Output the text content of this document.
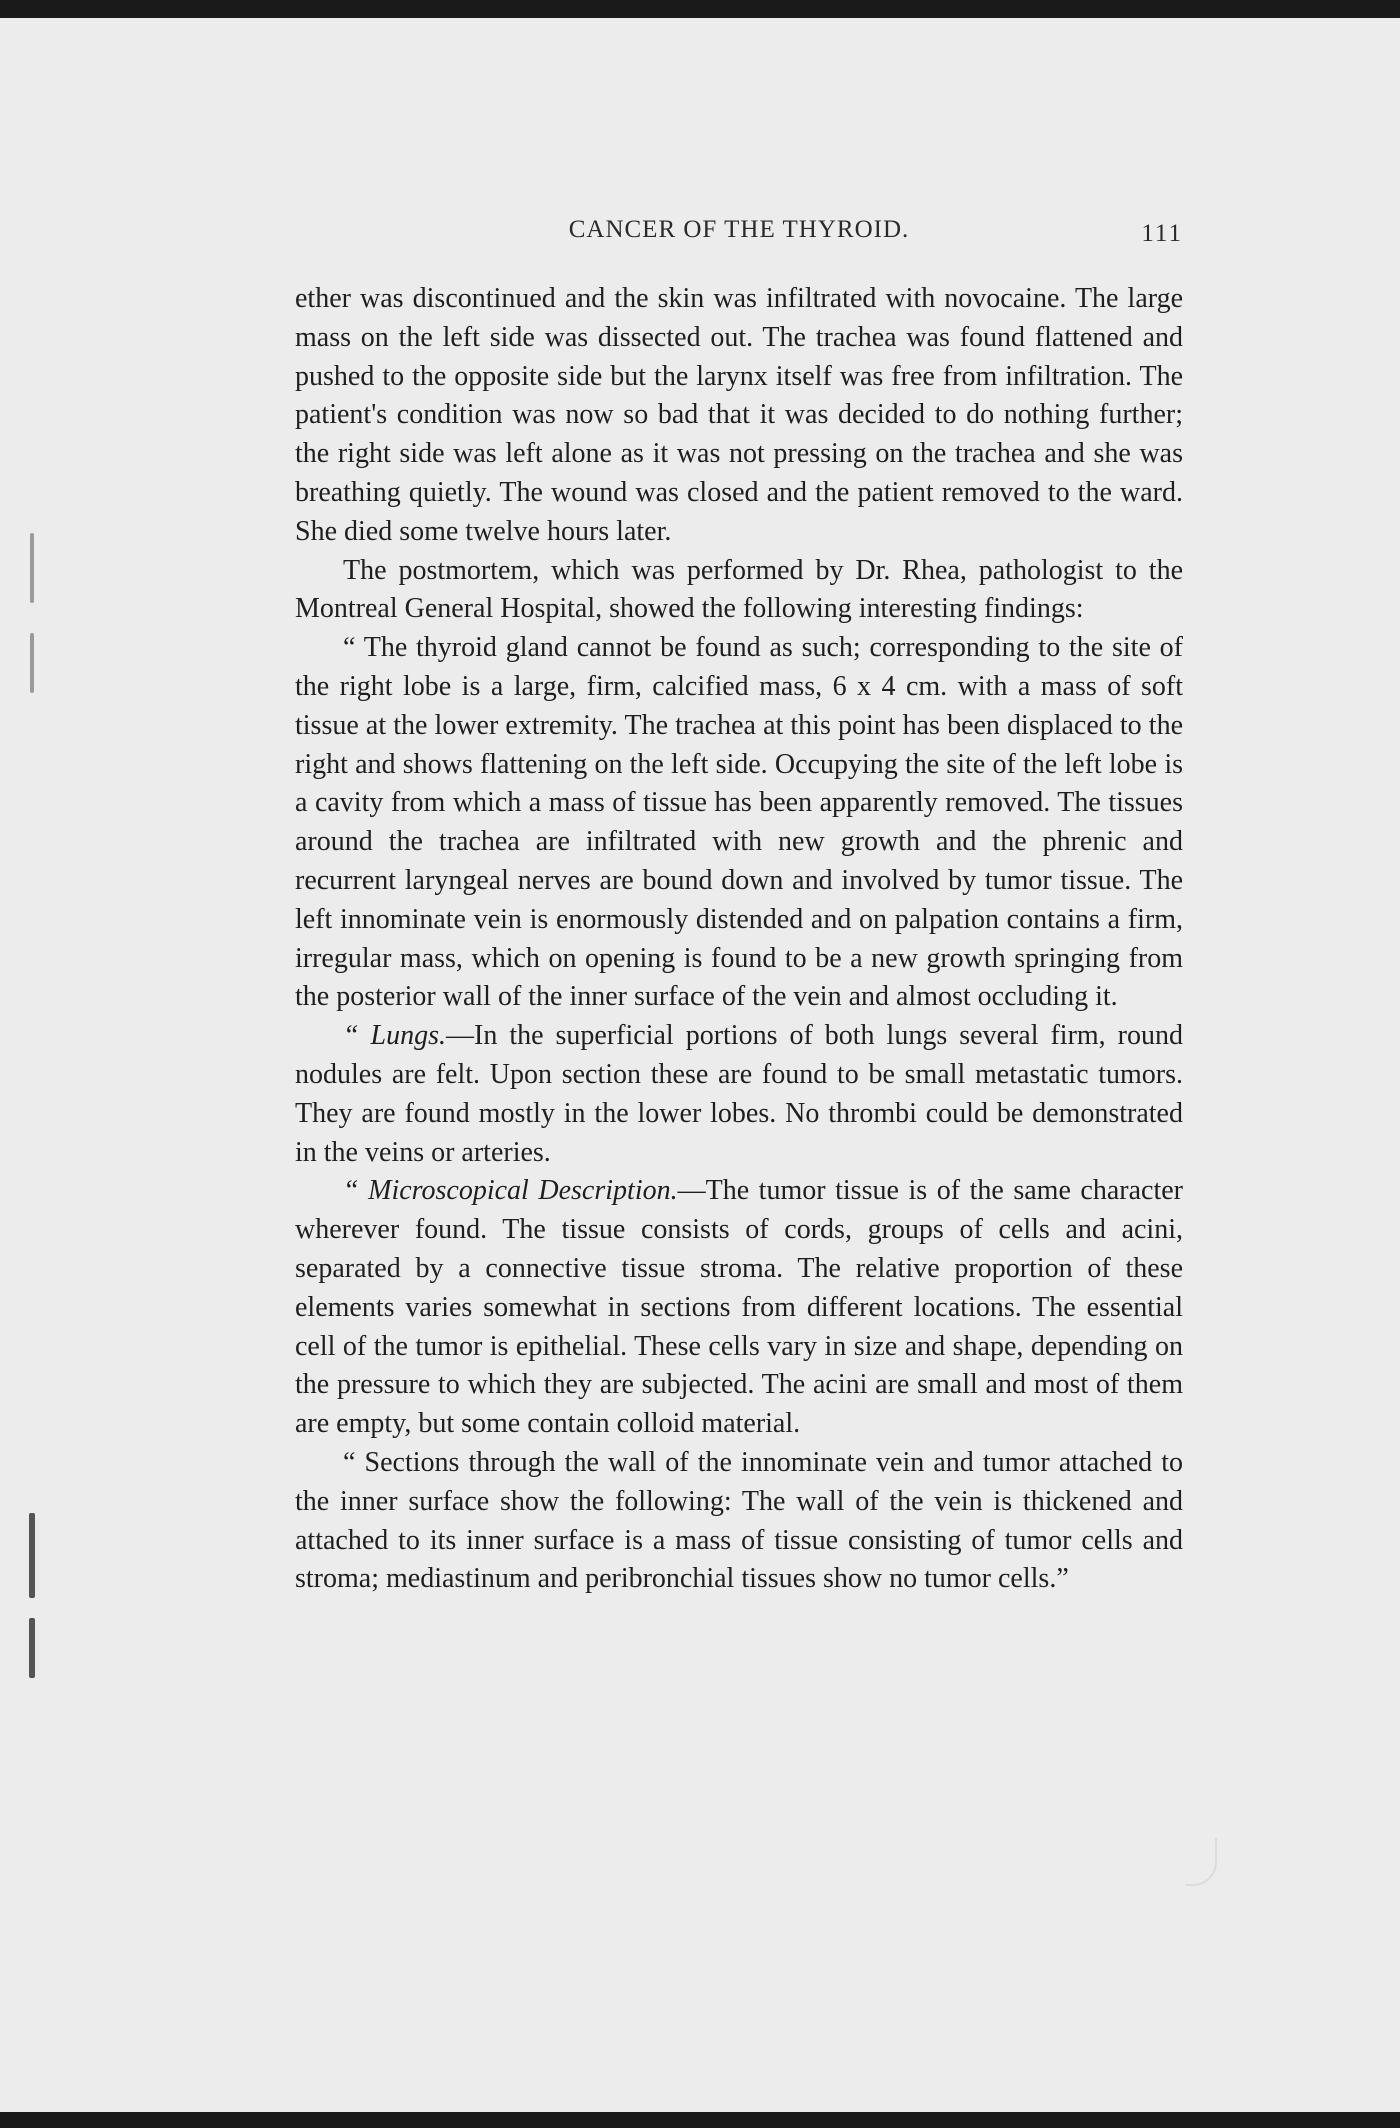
CANCER OF THE THYROID.	111

ether was discontinued and the skin was infiltrated with novocaine. The large mass on the left side was dissected out. The trachea was found flattened and pushed to the opposite side but the larynx itself was free from infiltration. The patient's condition was now so bad that it was decided to do nothing further; the right side was left alone as it was not pressing on the trachea and she was breathing quietly. The wound was closed and the patient removed to the ward. She died some twelve hours later.

The postmortem, which was performed by Dr. Rhea, pathologist to the Montreal General Hospital, showed the following interesting findings:

“ The thyroid gland cannot be found as such; corresponding to the site of the right lobe is a large, firm, calcified mass, 6 x 4 cm. with a mass of soft tissue at the lower extremity. The trachea at this point has been displaced to the right and shows flattening on the left side. Occupying the site of the left lobe is a cavity from which a mass of tissue has been apparently removed. The tissues around the trachea are infiltrated with new growth and the phrenic and recurrent laryngeal nerves are bound down and involved by tumor tissue. The left innominate vein is enormously distended and on palpation contains a firm, irregular mass, which on opening is found to be a new growth springing from the posterior wall of the inner surface of the vein and almost occluding it.

“ Lungs.—In the superficial portions of both lungs several firm, round nodules are felt. Upon section these are found to be small metastatic tumors. They are found mostly in the lower lobes. No thrombi could be demonstrated in the veins or arteries.

“ Microscopical Description.—The tumor tissue is of the same character wherever found. The tissue consists of cords, groups of cells and acini, separated by a connective tissue stroma. The relative proportion of these elements varies somewhat in sections from different locations. The essential cell of the tumor is epithelial. These cells vary in size and shape, depending on the pressure to which they are subjected. The acini are small and most of them are empty, but some contain colloid material.

“ Sections through the wall of the innominate vein and tumor attached to the inner surface show the following: The wall of the vein is thickened and attached to its inner surface is a mass of tissue consisting of tumor cells and stroma; mediastinum and peribronchial tissues show no tumor cells.”
